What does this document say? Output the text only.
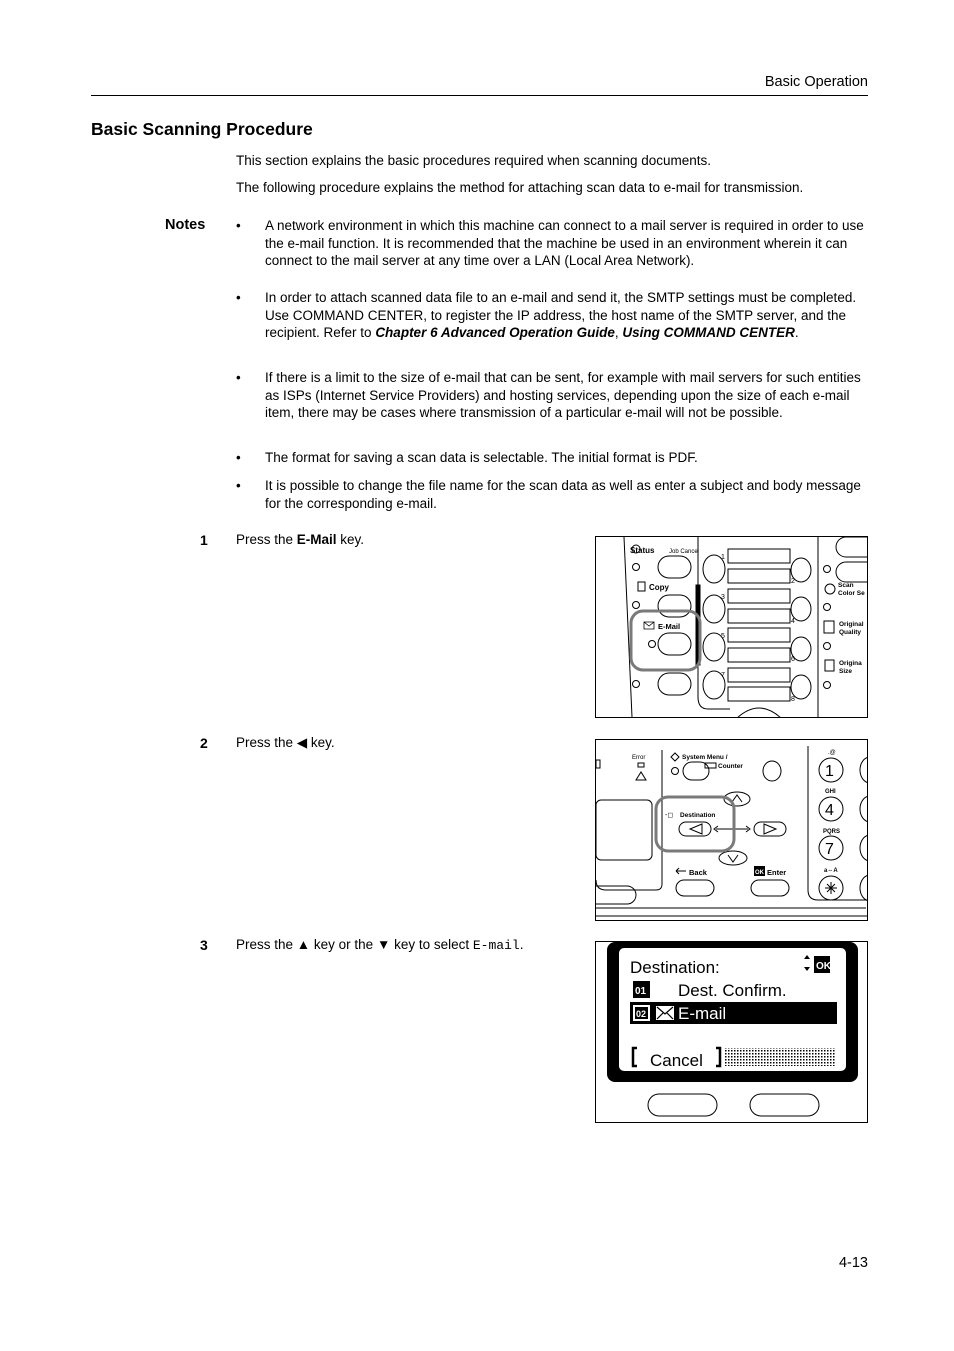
Basic Operation
Basic Scanning Procedure
This section explains the basic procedures required when scanning documents.
The following procedure explains the method for attaching scan data to e-mail for transmission.
Notes • A network environment in which this machine can connect to a mail server is required in order to use the e-mail function. It is recommended that the machine be used in an environment wherein it can connect to the mail server at any time over a LAN (Local Area Network).
• In order to attach scanned data file to an e-mail and send it, the SMTP settings must be completed. Use COMMAND CENTER, to register the IP address, the host name of the SMTP server, and the recipient. Refer to Chapter 6 Advanced Operation Guide, Using COMMAND CENTER.
• If there is a limit to the size of e-mail that can be sent, for example with mail servers for such entities as ISPs (Internet Service Providers) and hosting services, depending upon the size of each e-mail item, there may be cases where transmission of a particular e-mail will not be possible.
• The format for saving a scan data is selectable. The initial format is PDF.
• It is possible to change the file name for the scan data as well as enter a subject and body message for the corresponding e-mail.
1 Press the E-Mail key.
Status Job Cancel
Copy
E-Mail
1
2
3
4
5
6
7
8
Scan
Color Se
Original
Quality
Origina
Size
2 Press the ◀ key.
Error	System Menu /
Counter
-◻ Destination
Back	OK Enter
.@
1
GHI
4
PQRS
7
a⇔A
3 Press the ▲ key or the ▼ key to select E-mail.
Destination:	OK
01 Dest. Confirm.
02 E-mail
Cancel
4-13
